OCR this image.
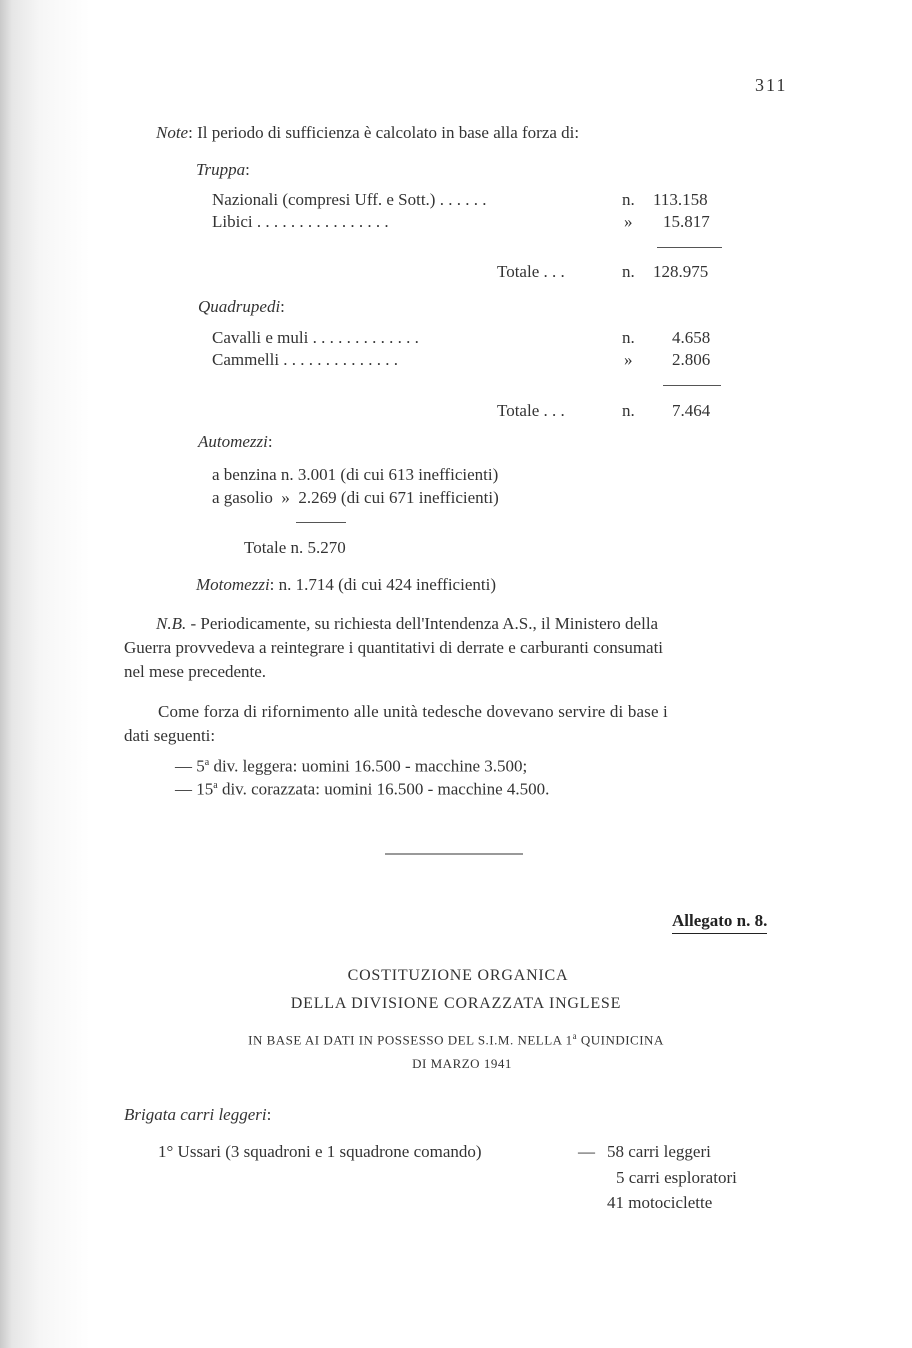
311
Note: Il periodo di sufficienza è calcolato in base alla forza di:
Truppa:
Nazionali (compresi Uff. e Sott.) . . . . . .	n. 113.158
Libici . . . . . . . . . . . . . . . .	» 15.817
Totale . . .	n. 128.975
Quadrupedi:
Cavalli e muli . . . . . . . . . . . . .	n. 4.658
Cammelli . . . . . . . . . . . . . .	» 2.806
Totale . . .	n. 7.464
Automezzi:
a benzina n. 3.001 (di cui 613 inefficienti)
a gasolio  »  2.269 (di cui 671 inefficienti)
Totale n. 5.270
Motomezzi: n. 1.714 (di cui 424 inefficienti)
N.B. - Periodicamente, su richiesta dell'Intendenza A.S., il Ministero della
Guerra provvedeva a reintegrare i quantitativi di derrate e carburanti consumati
nel mese precedente.
Come forza di rifornimento alle unità tedesche dovevano servire di base i
dati seguenti:
— 5$^a$ div. leggera: uomini 16.500 - macchine 3.500;
— 15$^a$ div. corazzata: uomini 16.500 - macchine 4.500.
Allegato n. 8.
COSTITUZIONE ORGANICA
DELLA DIVISIONE CORAZZATA INGLESE
IN BASE AI DATI IN POSSESSO DEL S.I.M. NELLA 1$^a$ QUINDICINA
DI MARZO 1941
Brigata carri leggeri:
1° Ussari (3 squadroni e 1 squadrone comando)	— 58 carri leggeri
5 carri esploratori
41 motociclette
